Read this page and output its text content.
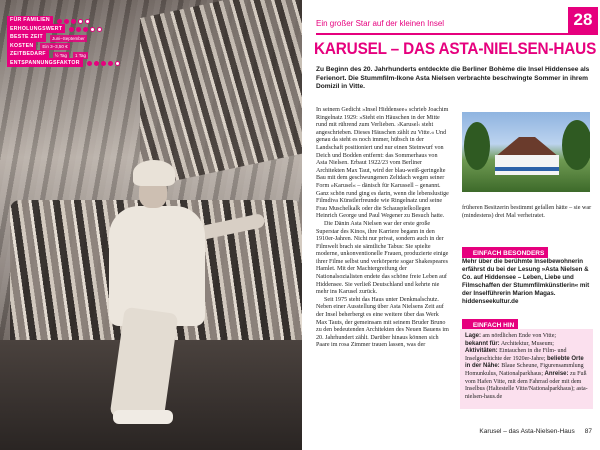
FÜR FAMILIEN
ERHOLUNGSWERT
BESTE ZEIT	Juni–September
KOSTEN	Ein 3–3,50 €
ZEITBEDARF	½ Tag	1 Tag
ENTSPANNUNGSFAKTOR
Ein großer Star auf der kleinen Insel	28
KARUSEL – DAS ASTA-NIELSEN-HAUS

Zu Beginn des 20. Jahrhunderts entdeckte die Berliner Bohème die Insel Hiddensee als Ferienort. Die Stummfilm-Ikone Asta Nielsen verbrachte beschwingte Sommer in ihrem Domizil in Vitte.

In seinem Gedicht »Insel Hiddensee« schrieb Joachim Ringelnatz 1929: »Steht ein Häuschen in der Mitte rund mit rührend zum Verlieben. ›Karusel‹ steht angeschrieben. Dieses Häuschen zählt zu Vitte.« Und genau da steht es noch immer, hübsch in der Landschaft positioniert und nur einen Steinwurf von Deich und Bodden entfernt: das Sommerhaus von Asta Nielsen. Erbaut 1922/23 vom Berliner Architekten Max Taut, wird der blau-weiß-geringelte Bau mit dem geschwungenen Zeltdach wegen seiner Form »Karusel« – dänisch für Karussell – genannt. Ganz schön rund ging es darin, wenn die lebenslustige Filmdiva Künstlerfreunde wie Ringelnatz und seine Frau Muschelkalk oder die Schauspielkollegen Heinrich George und Paul Wegener zu Besuch hatte.

Die Dänin Asta Nielsen war der erste große Superstar des Kinos, ihre Karriere begann in den 1910er-Jahren. Nicht nur privat, sondern auch in der Filmwelt brach sie sämtliche Tabus: Sie spielte moderne, unkonventionelle Frauen, produzierte einige ihrer Filme selbst und verkörperte sogar Shakespeares Hamlet. Mit der Machtergreifung der Nationalsozialisten endete das schöne freie Leben auf Hiddensee. Sie verließ Deutschland und kehrte nie mehr ins Karusel zurück.

Seit 1975 steht das Haus unter Denkmalschutz. Neben einer Ausstellung über Asta Nielsens Zeit auf der Insel beherbergt es eine weitere über das Werk Max Tauts, der gemeinsam mit seinem Bruder Bruno zu den bedeutenden Architekten des Neuen Bauens im 20. Jahrhundert zählt. Darüber hinaus können sich Paare im rosa Zimmer trauen lassen, was der

früheren Besitzerin bestimmt gefallen hätte – sie war (mindestens) drei Mal verheiratet.

▶ EINFACH BESONDERS

Mehr über die berühmte Inselbewohnerin erfährst du bei der Lesung »Asta Nielsen & Co. auf Hiddensee – Leben, Liebe und Filmschaffen der Stummfilmkünstlerin« mit der Inselführerin Marion Magas. hiddenseekultur.de

▶ EINFACH HIN
Lage: am nördlichen Ende von Vitte;
bekannt für: Architektur, Museum;
Aktivitäten: Eintauchen in die Film- und Inselgeschichte der 1920er-Jahre; beliebte Orte in der Nähe: Blaue Scheune, Figurensammlung Homunkulus, Nationalparkhaus; Anreise: zu Fuß vom Hafen Vitte, mit dem Fahrrad oder mit dem Inselbus (Haltestelle Vitte/Nationalparkhaus); asta-nielsen-haus.de
Karusel – das Asta-Nielsen-Haus 87
